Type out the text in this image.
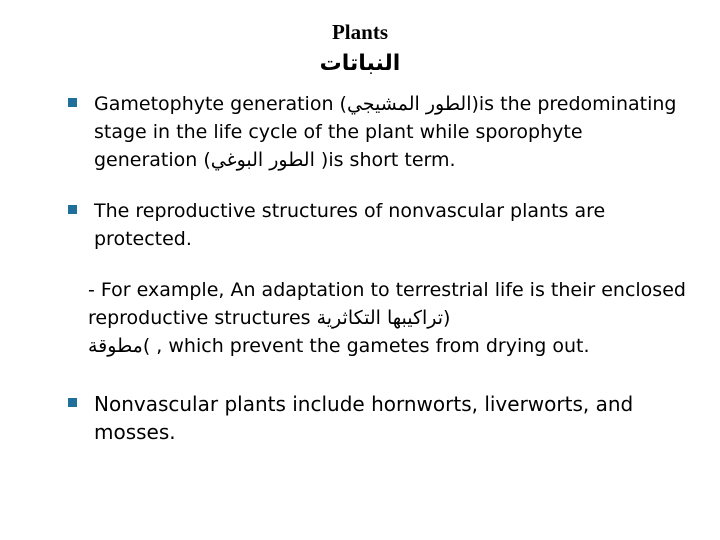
Plants
النباتات
Gametophyte generation (الطور المشيجي)is the predominating stage in the life cycle of the plant while sporophyte generation (الطور البوغي )is short term.
The reproductive structures of nonvascular plants are protected.
- For example, An adaptation to terrestrial life is their enclosed reproductive structures (تراكيبها التكاثرية
مطوقة( , which prevent the gametes from drying out.
Nonvascular plants include hornworts, liverworts, and mosses.
